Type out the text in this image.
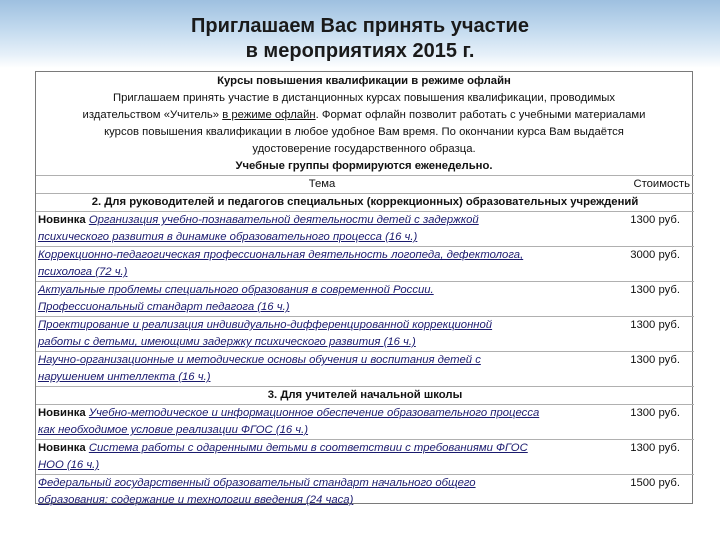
Приглашаем Вас принять участие
в мероприятиях 2015 г.
Курсы повышения квалификации в режиме офлайн
Приглашаем принять участие в дистанционных курсах повышения квалификации, проводимых
издательством «Учитель» в режиме офлайн. Формат офлайн позволит работать с учебными материалами
курсов повышения квалификации в любое удобное Вам время. По окончании курса Вам выдаётся
удостоверение государственного образца.
Учебные группы формируются еженедельно.
Тема	Стоимость
2. Для руководителей и педагогов специальных (коррекционных) образовательных учреждений	
Новинка Организация учебно-познавательной деятельности детей с задержкой
психического развития в динамике образовательного процесса (16 ч.)	1300 руб.
Коррекционно-педагогическая профессиональная деятельность логопеда, дефектолога,
психолога (72 ч.)	3000 руб.
Актуальные проблемы специального образования в современной России.
Профессиональный стандарт педагога (16 ч.)	1300 руб.
Проектирование и реализация индивидуально-дифференцированной коррекционной
работы с детьми, имеющими задержку психического развития (16 ч.)	1300 руб.
Научно-организационные и методические основы обучения и воспитания детей с
нарушением интеллекта (16 ч.)	1300 руб.
3. Для учителей начальной школы	
Новинка Учебно-методическое и информационное обеспечение образовательного процесса
как необходимое условие реализации ФГОС (16 ч.)	1300 руб.
Новинка Система работы с одаренными детьми в соответствии с требованиями ФГОС
НОО (16 ч.)	1300 руб.
Федеральный государственный образовательный стандарт начального общего
образования: содержание и технологии введения (24 часа)	1500 руб.
